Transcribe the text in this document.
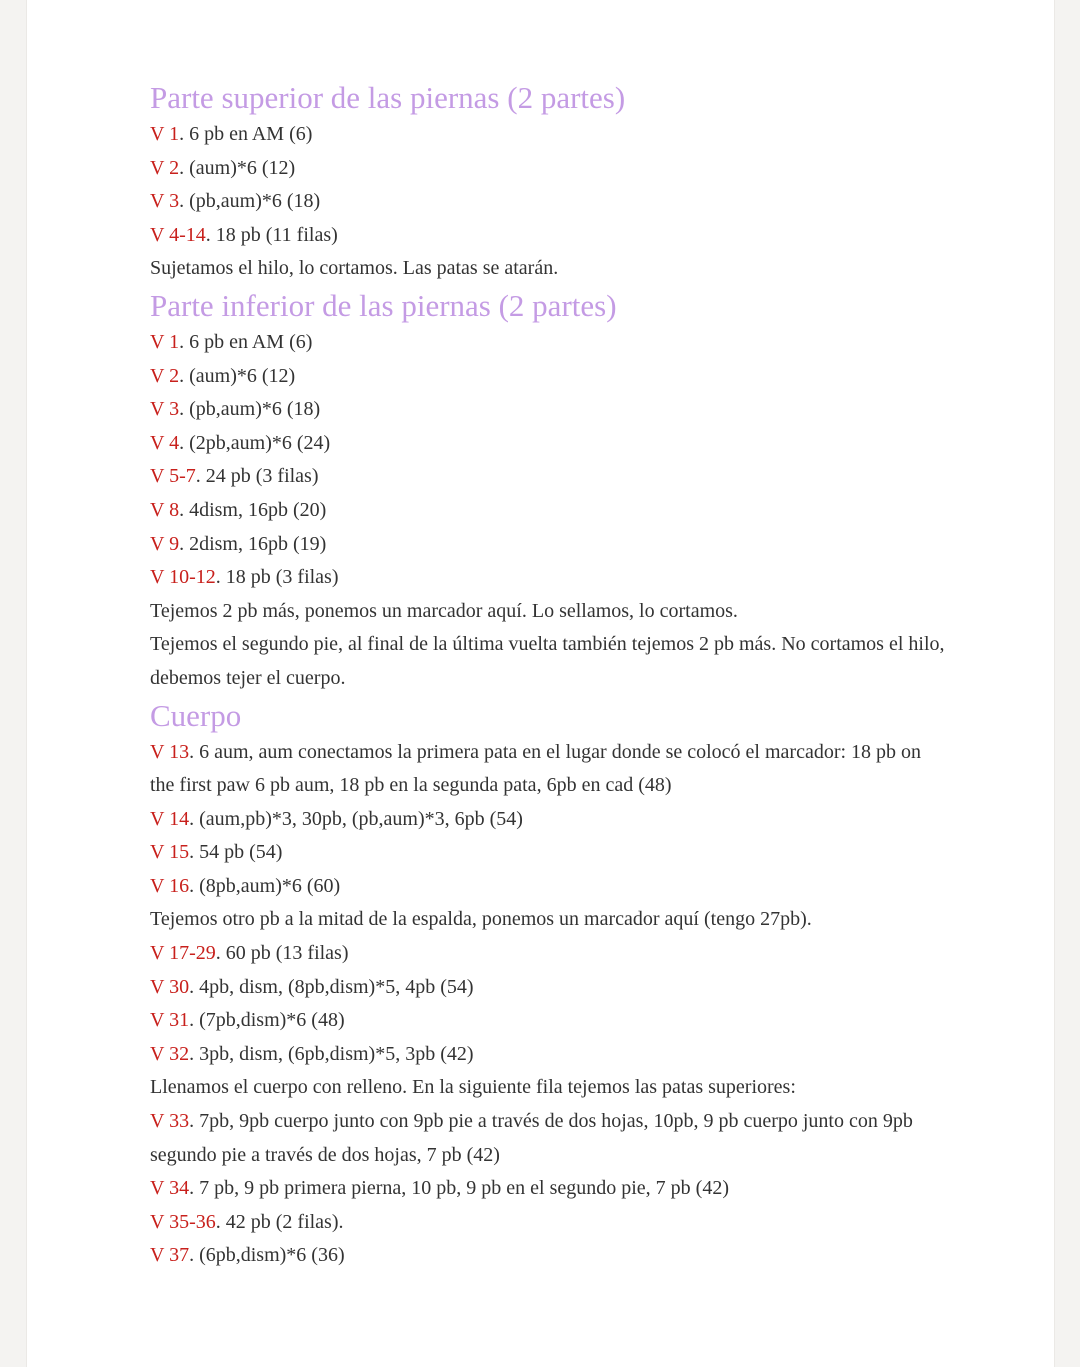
Parte superior de las piernas (2 partes)

V 1. 6 pb en AM (6)

V 2. (aum)*6 (12)

V 3. (pb,aum)*6 (18)

V 4-14. 18 pb (11 filas)

Sujetamos el hilo, lo cortamos. Las patas se atarán.

Parte inferior de las piernas (2 partes)

V 1. 6 pb en AM (6)

V 2. (aum)*6 (12)

V 3. (pb,aum)*6 (18)

V 4. (2pb,aum)*6 (24)

V 5-7. 24 pb (3 filas)

V 8. 4dism, 16pb (20)

V 9. 2dism, 16pb (19)

V 10-12. 18 pb (3 filas)

Tejemos 2 pb más, ponemos un marcador aquí. Lo sellamos, lo cortamos.

Tejemos el segundo pie, al final de la última vuelta también tejemos 2 pb más. No cortamos el hilo, debemos tejer el cuerpo.

Cuerpo

V 13. 6 aum, aum conectamos la primera pata en el lugar donde se colocó el marcador: 18 pb on the first paw 6 pb aum, 18 pb en la segunda pata, 6pb en cad (48)

V 14. (aum,pb)*3, 30pb, (pb,aum)*3, 6pb (54)

V 15. 54 pb (54)

V 16. (8pb,aum)*6 (60)

Tejemos otro pb a la mitad de la espalda, ponemos un marcador aquí (tengo 27pb).

V 17-29. 60 pb (13 filas)

V 30. 4pb, dism, (8pb,dism)*5, 4pb (54)

V 31. (7pb,dism)*6 (48)

V 32. 3pb, dism, (6pb,dism)*5, 3pb (42)

Llenamos el cuerpo con relleno. En la siguiente fila tejemos las patas superiores:

V 33. 7pb, 9pb cuerpo junto con 9pb pie a través de dos hojas, 10pb, 9 pb cuerpo junto con 9pb segundo pie a través de dos hojas, 7 pb (42)

V 34. 7 pb, 9 pb primera pierna, 10 pb, 9 pb en el segundo pie, 7 pb (42)

V 35-36. 42 pb (2 filas).

V 37. (6pb,dism)*6 (36)
